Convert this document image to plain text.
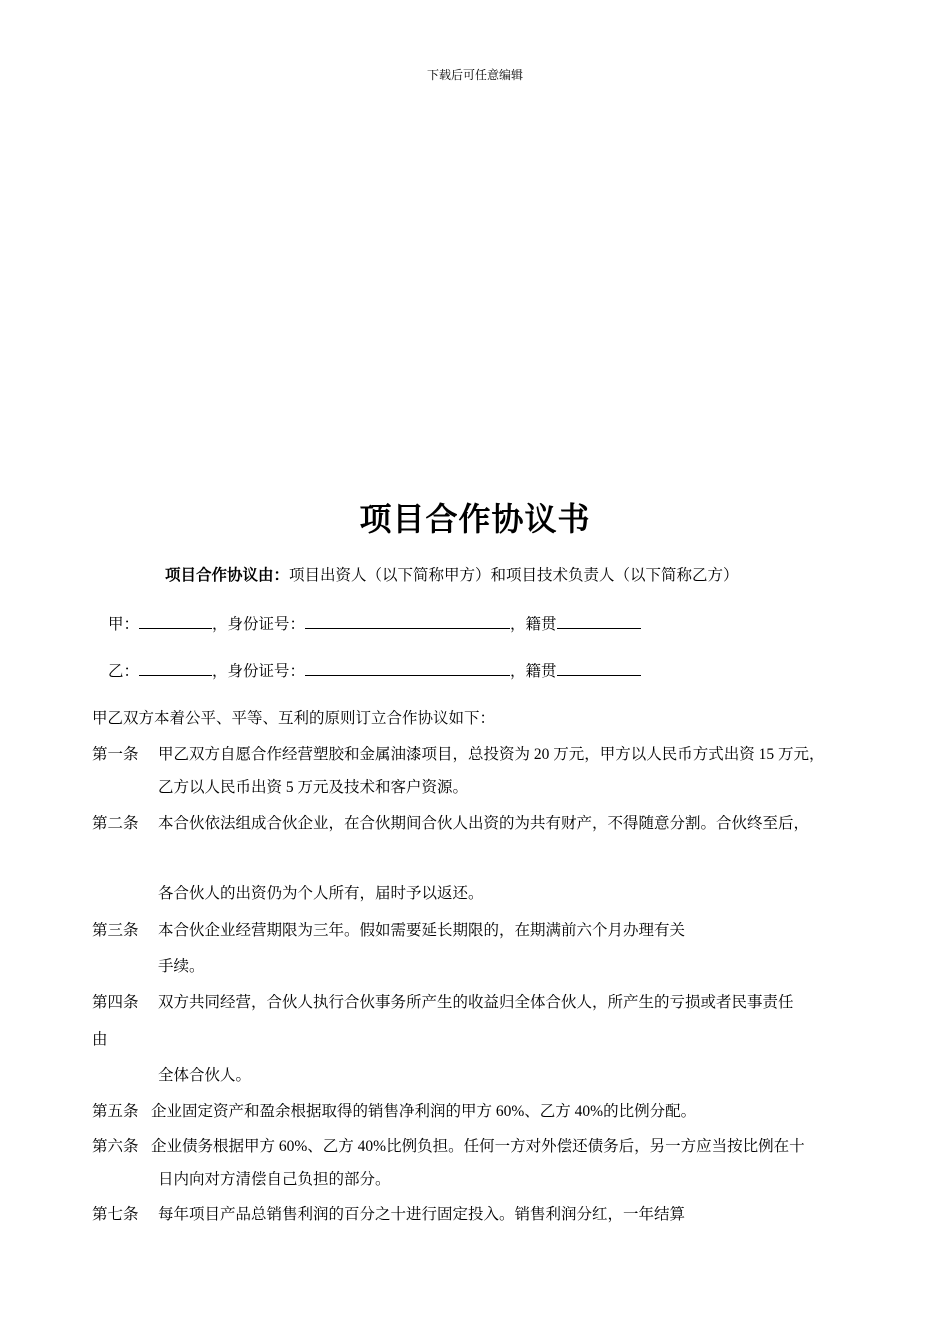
下载后可任意编辑
项目合作协议书
项目合作协议由：项目出资人（以下简称甲方）和项目技术负责人（以下简称乙方）
甲：	，身份证号：	，籍贯
乙：	，身份证号：	，籍贯
甲乙双方本着公平、平等、互利的原则订立合作协议如下：
第一条 甲乙双方自愿合作经营塑胶和金属油漆项目，总投资为 20 万元，甲方以人民币方式出资 15 万元，
乙方以人民币出资 5 万元及技术和客户资源。
第二条 本合伙依法组成合伙企业，在合伙期间合伙人出资的为共有财产，不得随意分割。合伙终至后，
各合伙人的出资仍为个人所有，届时予以返还。
第三条 本合伙企业经营期限为三年。假如需要延长期限的，在期满前六个月办理有关
手续。
第四条 双方共同经营，合伙人执行合伙事务所产生的收益归全体合伙人，所产生的亏损或者民事责任
由
全体合伙人。
第五条 企业固定资产和盈余根据取得的销售净利润的甲方 60%、乙方 40%的比例分配。
第六条 企业债务根据甲方 60%、乙方 40%比例负担。任何一方对外偿还债务后，另一方应当按比例在十
日内向对方清偿自己负担的部分。
第七条 每年项目产品总销售利润的百分之十进行固定投入。销售利润分红，一年结算
